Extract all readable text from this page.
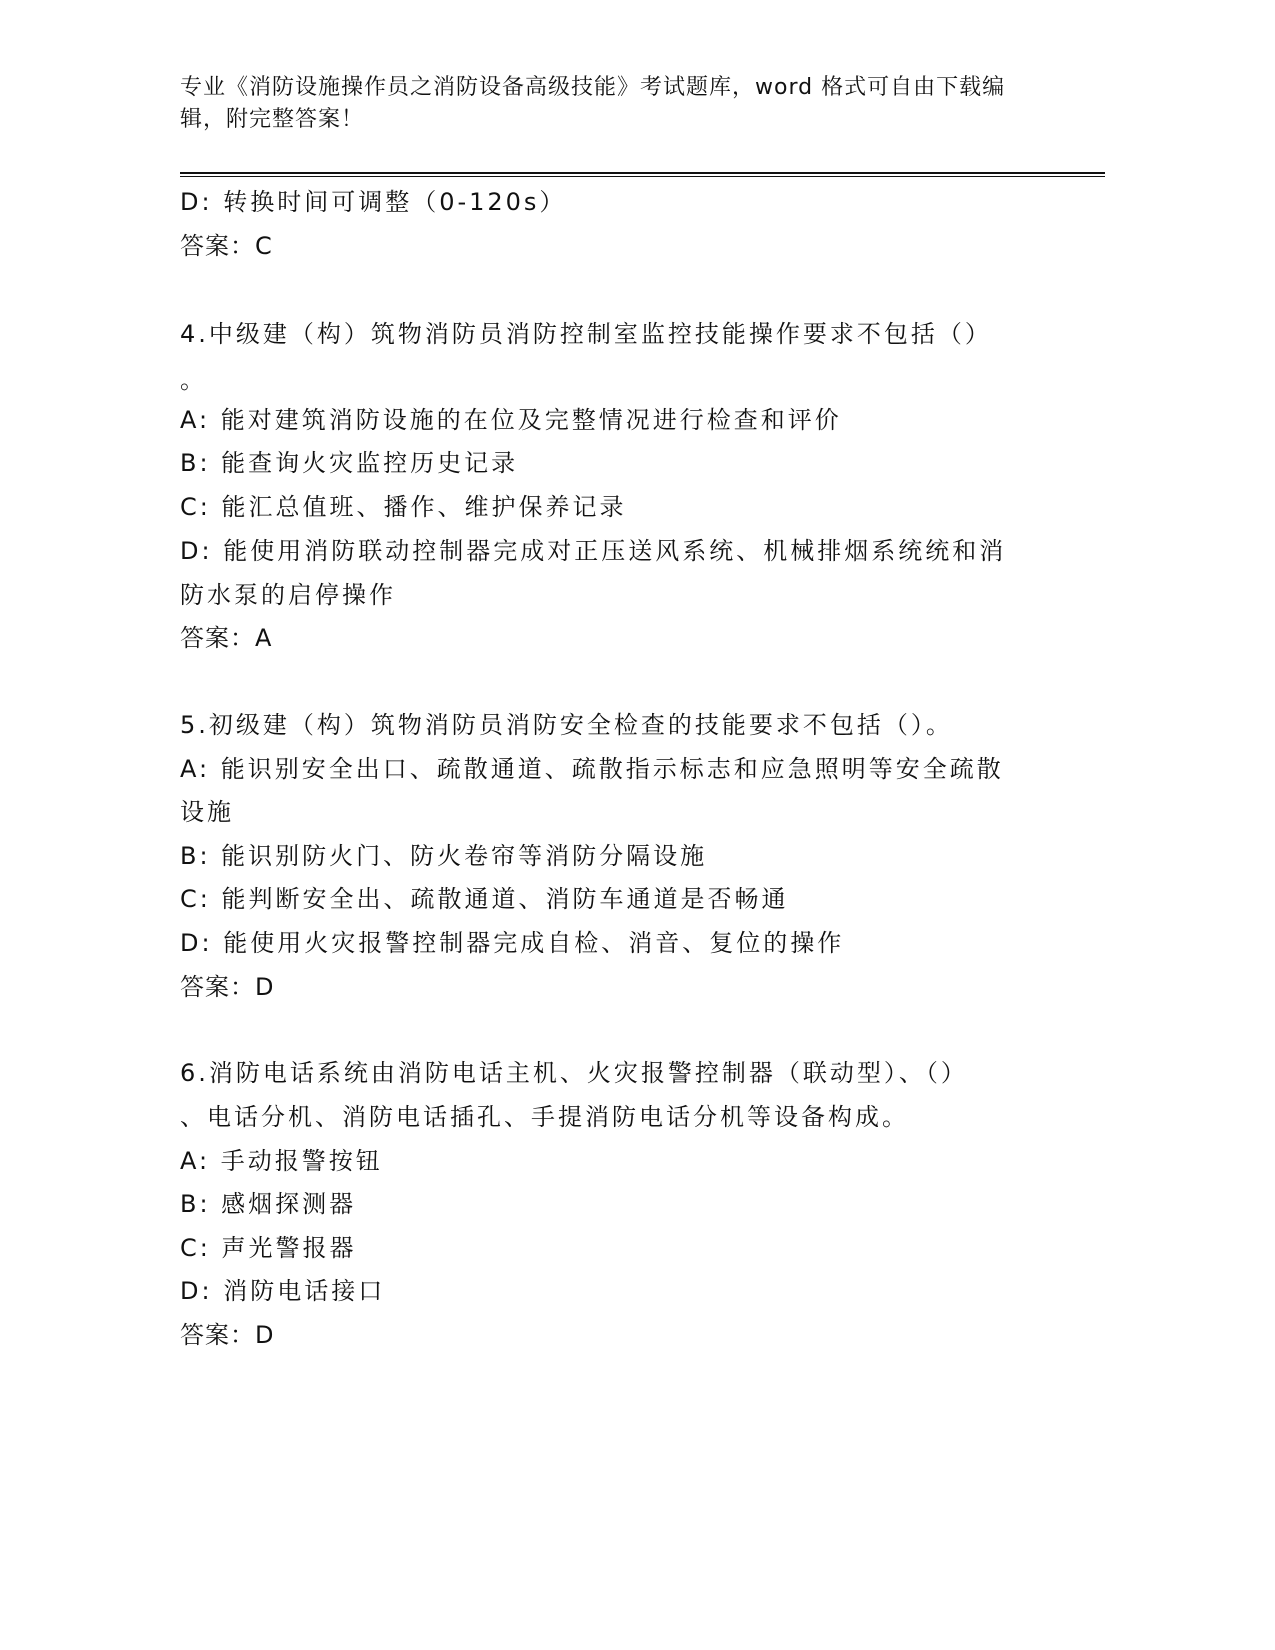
专业《消防设施操作员之消防设备高级技能》考试题库，word 格式可自由下载编
辑，附完整答案！
D: 转换时间可调整（0-120s）
答案：C
4.中级建（构）筑物消防员消防控制室监控技能操作要求不包括（）
。
A: 能对建筑消防设施的在位及完整情况进行检查和评价
B: 能查询火灾监控历史记录
C: 能汇总值班、播作、维护保养记录
D: 能使用消防联动控制器完成对正压送风系统、机械排烟系统统和消
防水泵的启停操作
答案：A
5.初级建（构）筑物消防员消防安全检查的技能要求不包括（）。
A: 能识别安全出口、疏散通道、疏散指示标志和应急照明等安全疏散
设施
B: 能识别防火门、防火卷帘等消防分隔设施
C: 能判断安全出、疏散通道、消防车通道是否畅通
D: 能使用火灾报警控制器完成自检、消音、复位的操作
答案：D
6.消防电话系统由消防电话主机、火灾报警控制器（联动型）、（）
、电话分机、消防电话插孔、手提消防电话分机等设备构成。
A: 手动报警按钮
B: 感烟探测器
C: 声光警报器
D: 消防电话接口
答案：D
